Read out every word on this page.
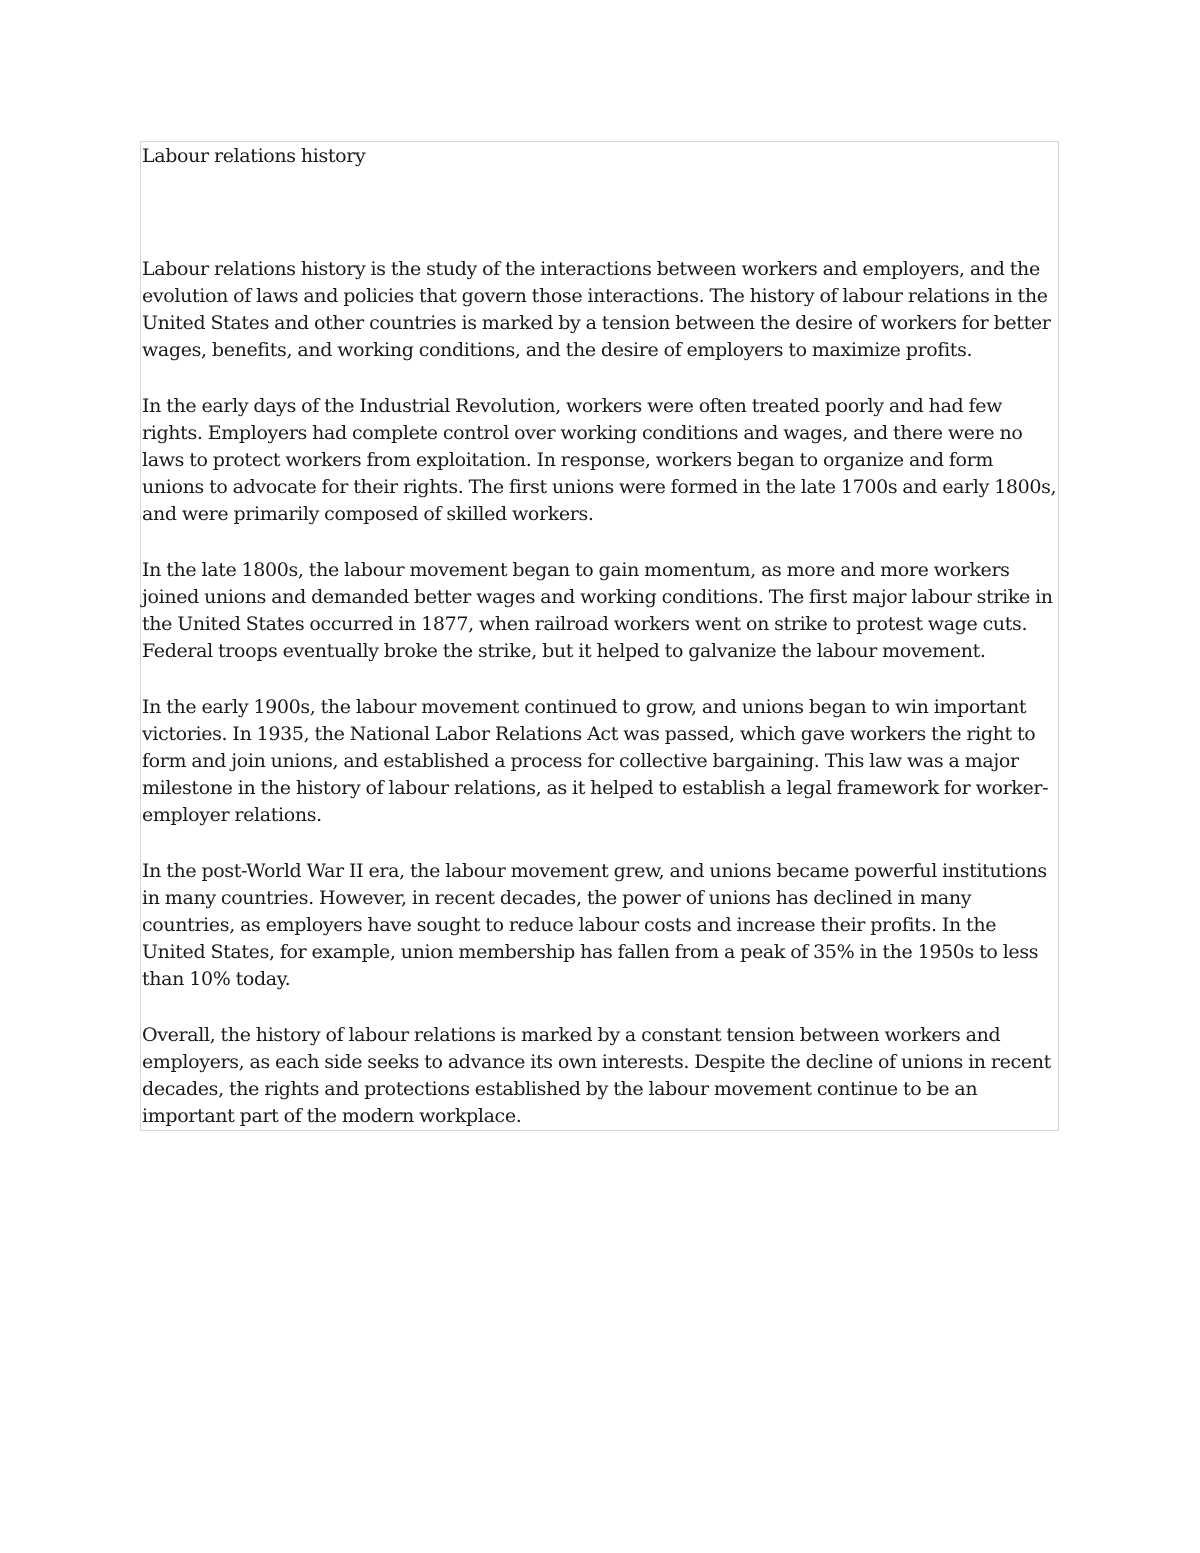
Labour relations history

Labour relations history is the study of the interactions between workers and employers, and the evolution of laws and policies that govern those interactions. The history of labour relations in the United States and other countries is marked by a tension between the desire of workers for better wages, benefits, and working conditions, and the desire of employers to maximize profits.

In the early days of the Industrial Revolution, workers were often treated poorly and had few rights. Employers had complete control over working conditions and wages, and there were no laws to protect workers from exploitation. In response, workers began to organize and form unions to advocate for their rights. The first unions were formed in the late 1700s and early 1800s, and were primarily composed of skilled workers.

In the late 1800s, the labour movement began to gain momentum, as more and more workers joined unions and demanded better wages and working conditions. The first major labour strike in the United States occurred in 1877, when railroad workers went on strike to protest wage cuts. Federal troops eventually broke the strike, but it helped to galvanize the labour movement.

In the early 1900s, the labour movement continued to grow, and unions began to win important victories. In 1935, the National Labor Relations Act was passed, which gave workers the right to form and join unions, and established a process for collective bargaining. This law was a major milestone in the history of labour relations, as it helped to establish a legal framework for worker-employer relations.

In the post-World War II era, the labour movement grew, and unions became powerful institutions in many countries. However, in recent decades, the power of unions has declined in many countries, as employers have sought to reduce labour costs and increase their profits. In the United States, for example, union membership has fallen from a peak of 35% in the 1950s to less than 10% today.

Overall, the history of labour relations is marked by a constant tension between workers and employers, as each side seeks to advance its own interests. Despite the decline of unions in recent decades, the rights and protections established by the labour movement continue to be an important part of the modern workplace.
